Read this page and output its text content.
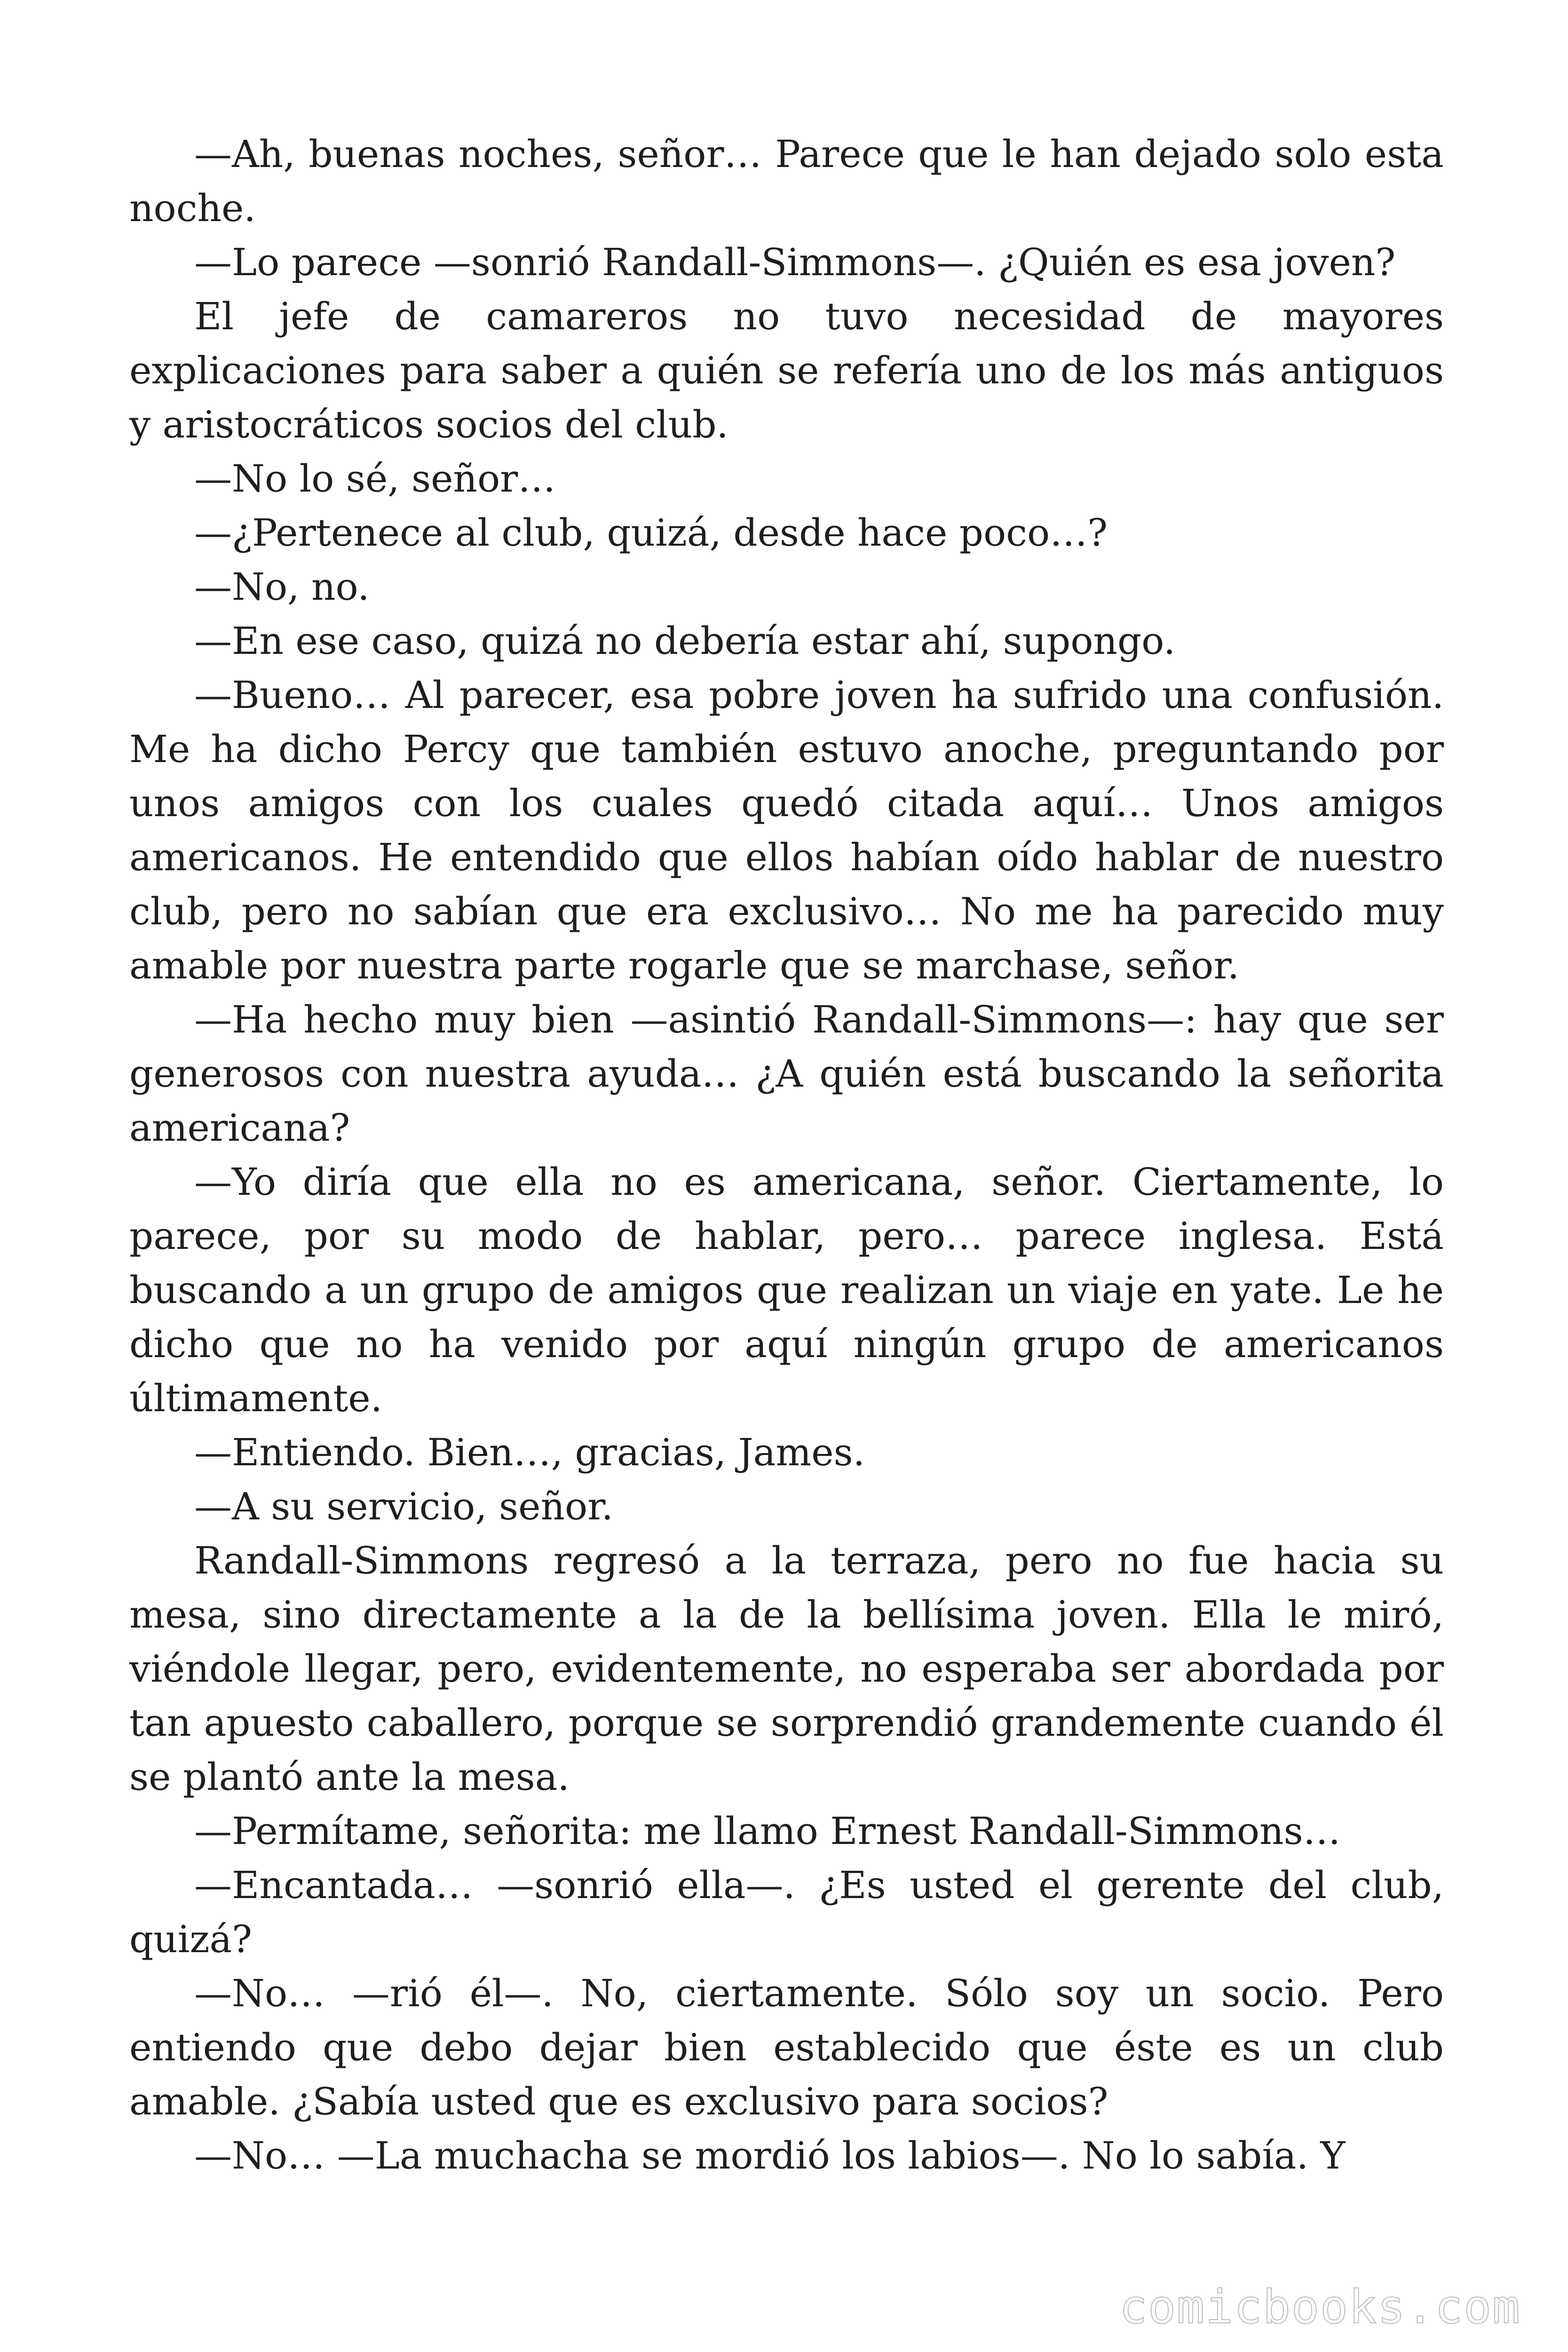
—Ah, buenas noches, señor… Parece que le han dejado solo esta noche.

—Lo parece —sonrió Randall-Simmons—. ¿Quién es esa joven?

El jefe de camareros no tuvo necesidad de mayores explicaciones para saber a quién se refería uno de los más antiguos y aristocráticos socios del club.

—No lo sé, señor…

—¿Pertenece al club, quizá, desde hace poco…?

—No, no.

—En ese caso, quizá no debería estar ahí, supongo.

—Bueno… Al parecer, esa pobre joven ha sufrido una confusión. Me ha dicho Percy que también estuvo anoche, preguntando por unos amigos con los cuales quedó citada aquí… Unos amigos americanos. He entendido que ellos habían oído hablar de nuestro club, pero no sabían que era exclusivo… No me ha parecido muy amable por nuestra parte rogarle que se marchase, señor.

—Ha hecho muy bien —asintió Randall-Simmons—: hay que ser generosos con nuestra ayuda… ¿A quién está buscando la señorita americana?

—Yo diría que ella no es americana, señor. Ciertamente, lo parece, por su modo de hablar, pero… parece inglesa. Está buscando a un grupo de amigos que realizan un viaje en yate. Le he dicho que no ha venido por aquí ningún grupo de americanos últimamente.

—Entiendo. Bien…, gracias, James.

—A su servicio, señor.

Randall-Simmons regresó a la terraza, pero no fue hacia su mesa, sino directamente a la de la bellísima joven. Ella le miró, viéndole llegar, pero, evidentemente, no esperaba ser abordada por tan apuesto caballero, porque se sorprendió grandemente cuando él se plantó ante la mesa.

—Permítame, señorita: me llamo Ernest Randall-Simmons…

—Encantada… —sonrió ella—. ¿Es usted el gerente del club, quizá?

—No… —rió él—. No, ciertamente. Sólo soy un socio. Pero entiendo que debo dejar bien establecido que éste es un club amable. ¿Sabía usted que es exclusivo para socios?

—No… —La muchacha se mordió los labios—. No lo sabía. Y

comicbooks.com
